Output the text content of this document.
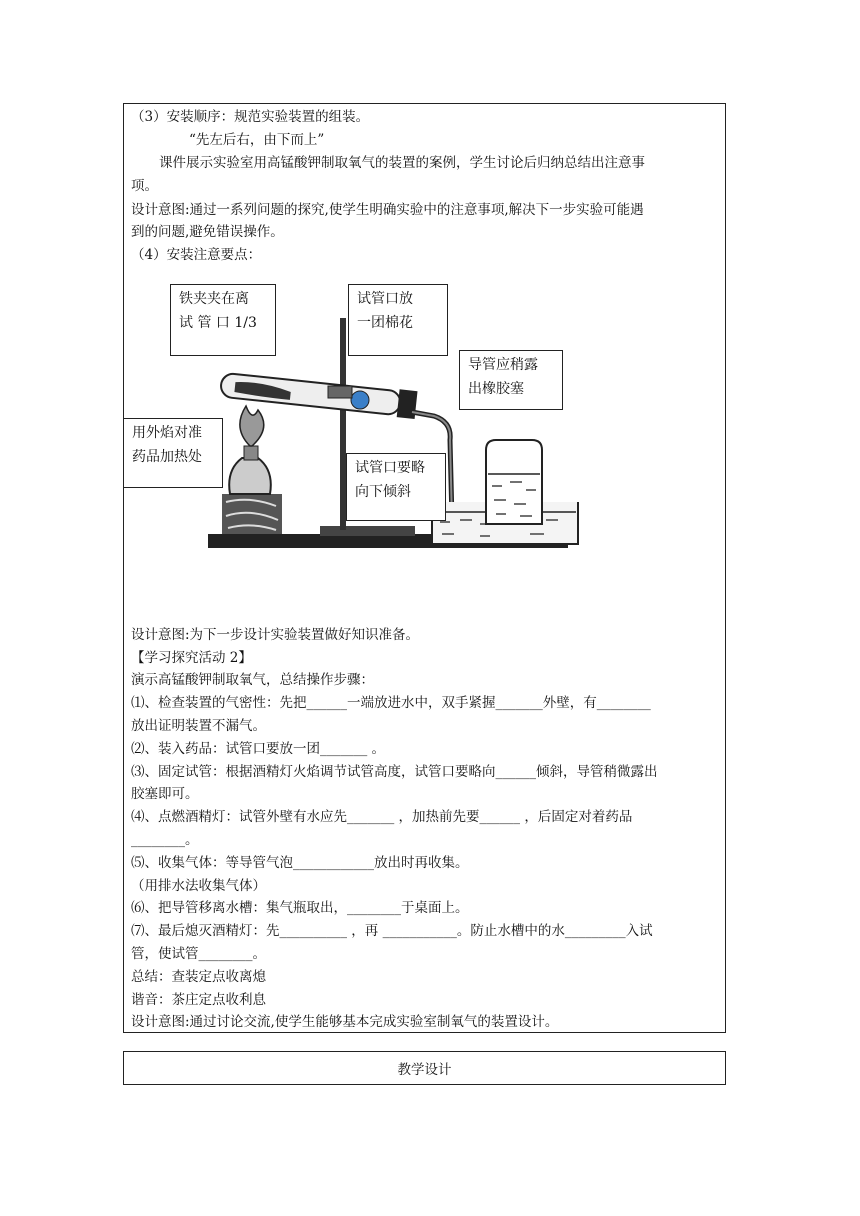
（3）安装顺序：规范实验装置的组装。
“先左后右，由下而上”
课件展示实验室用高锰酸钾制取氧气的装置的案例，学生讨论后归纳总结出注意事
项。
设计意图:通过一系列问题的探究,使学生明确实验中的注意事项,解决下一步实验可能遇
到的问题,避免错误操作。
（4）安装注意要点：
铁夹夹在离
试 管 口 1/3
试管口放
一团棉花
导管应稍露
出橡胶塞
用外焰对准
药品加热处
试管口要略
向下倾斜
设计意图:为下一步设计实验装置做好知识准备。
【学习探究活动 2】
演示高锰酸钾制取氧气，总结操作步骤：
⑴、检查装置的气密性：先把______一端放进水中，双手紧握_______外壁，有________
放出证明装置不漏气。
⑵、装入药品：试管口要放一团_______ 。
⑶、固定试管：根据酒精灯火焰调节试管高度，试管口要略向______倾斜，导管稍微露出
胶塞即可。
⑷、点燃酒精灯：试管外壁有水应先_______ ，加热前先要______ ，后固定对着药品
________。
⑸、收集气体：等导管气泡____________放出时再收集。
（用排水法收集气体）
⑹、把导管移离水槽：集气瓶取出，________于桌面上。
⑺、最后熄灭酒精灯：先__________ ，再 ___________。防止水槽中的水_________入试
管，使试管________。
总结：查装定点收离熄
谐音：茶庄定点收利息
设计意图:通过讨论交流,使学生能够基本完成实验室制氧气的装置设计。
教学设计
